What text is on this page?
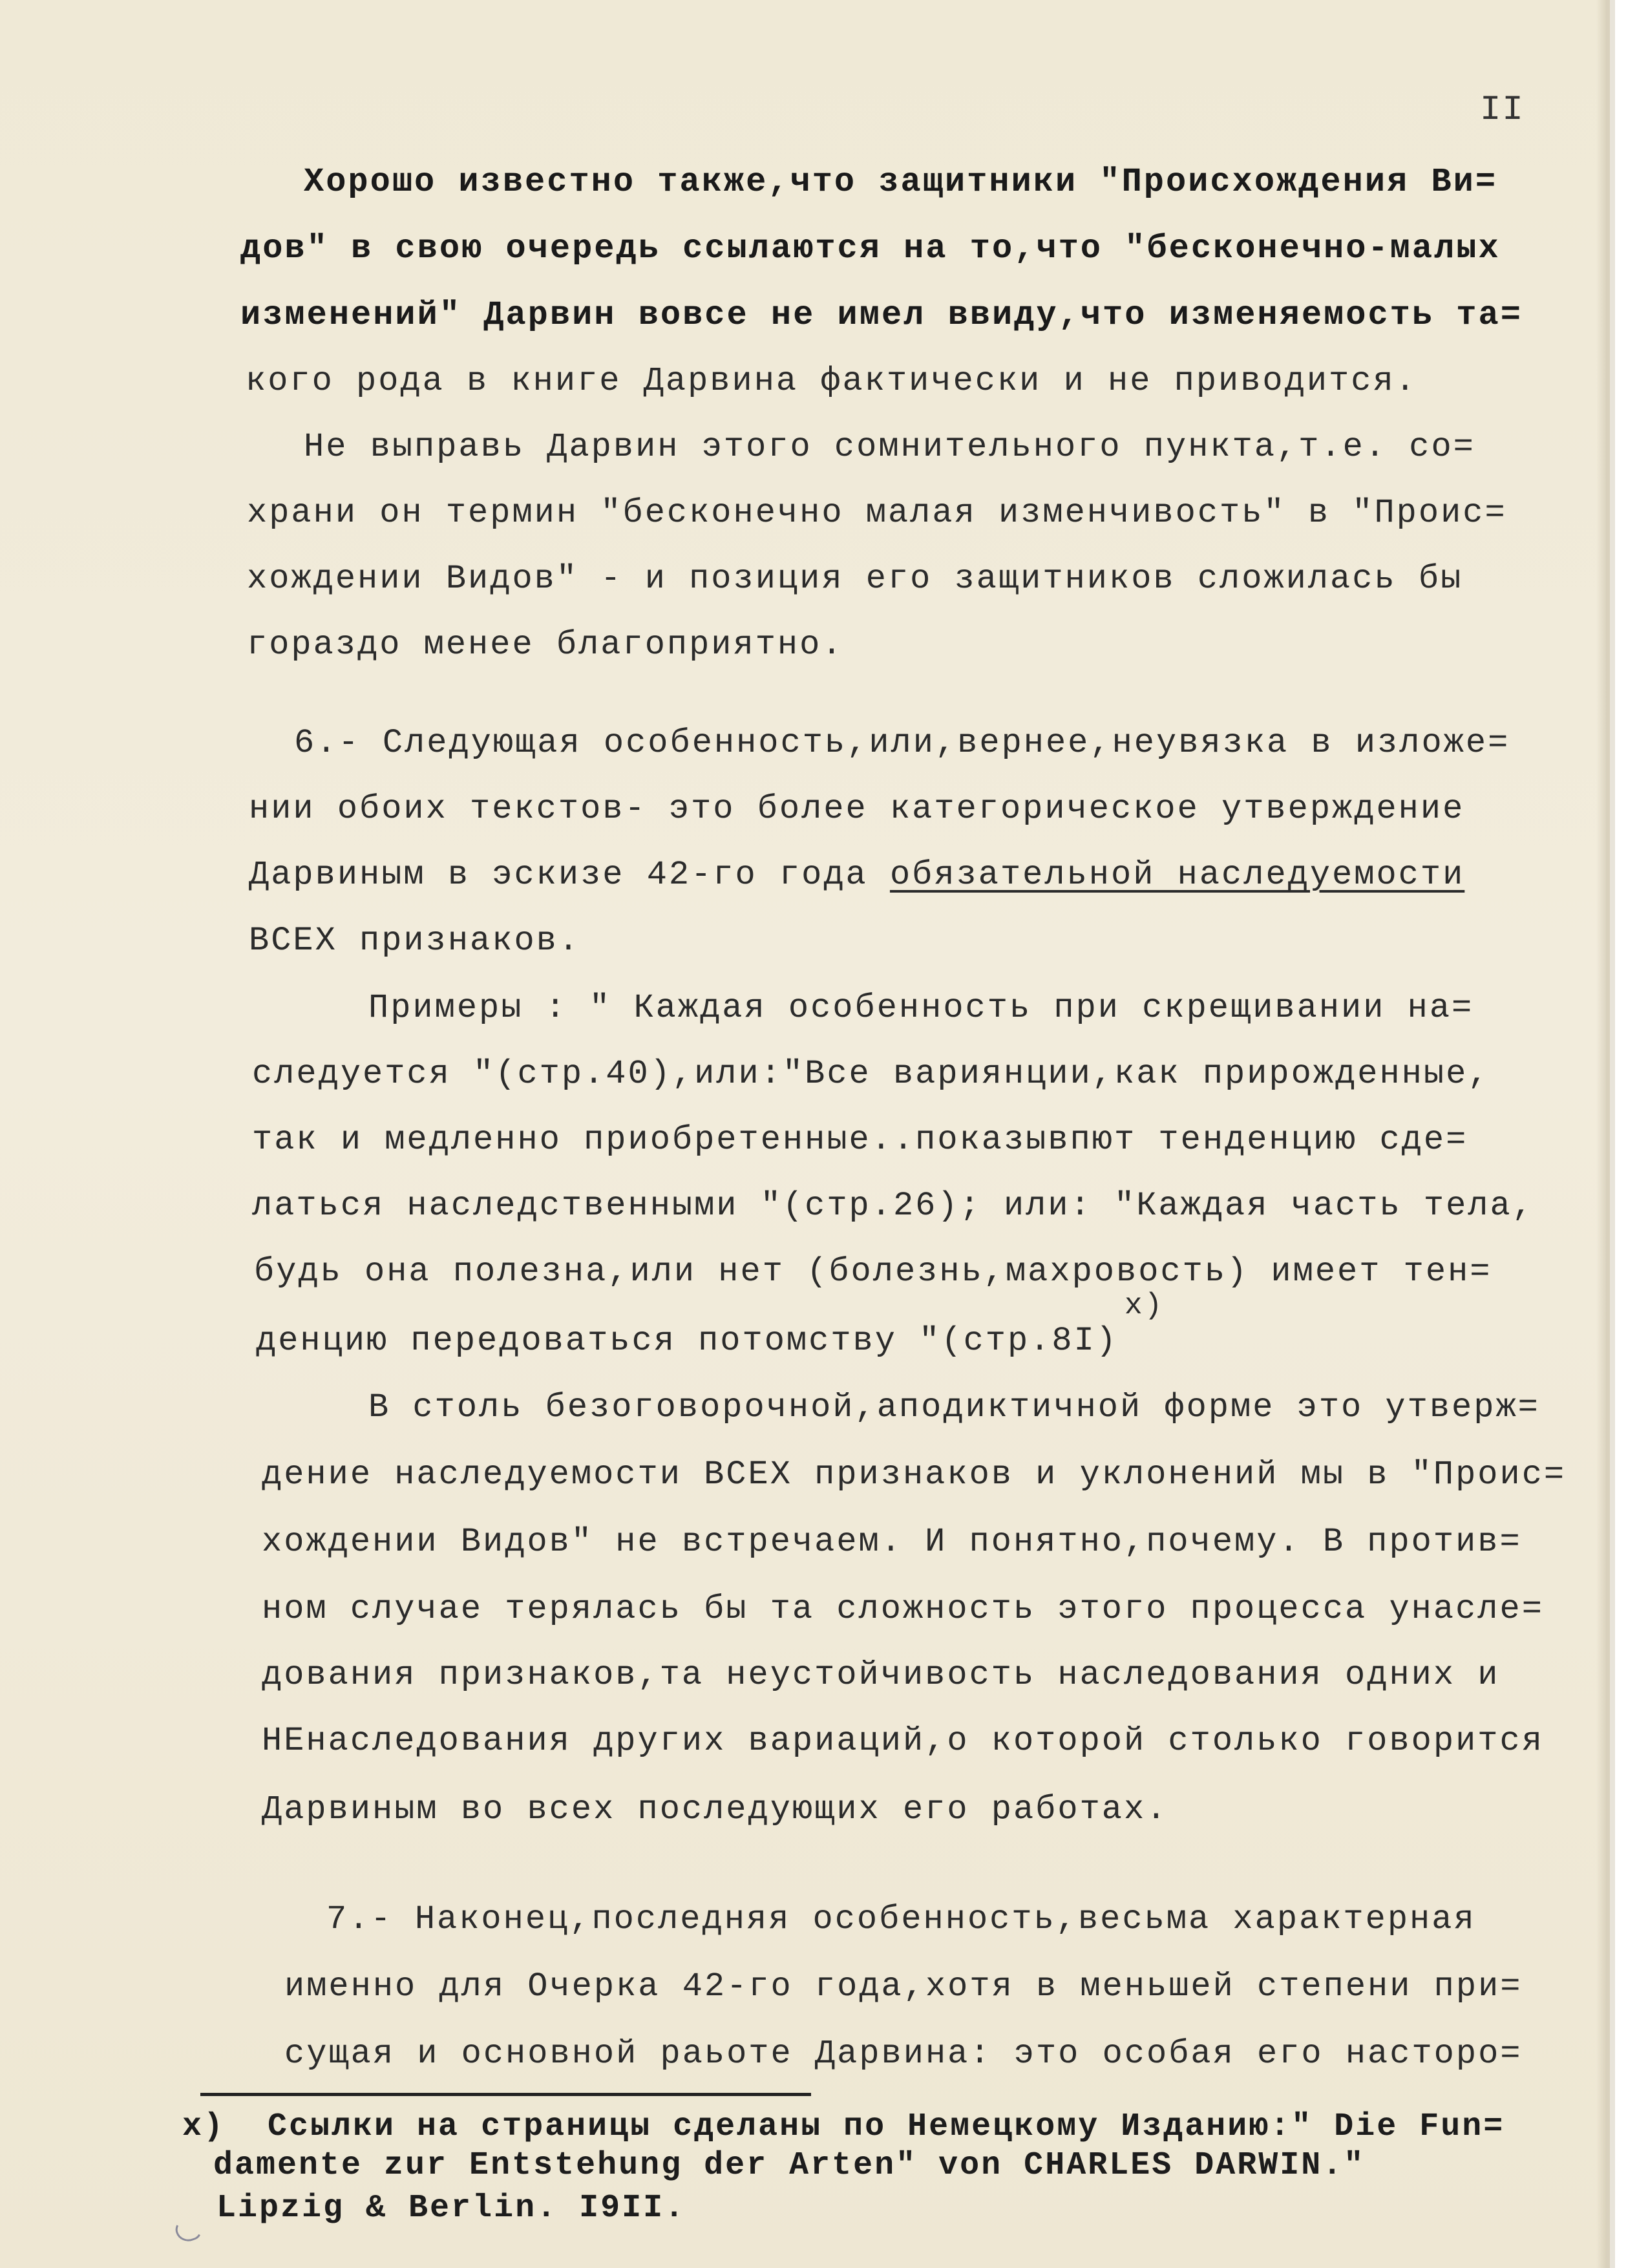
II
Хорошо известно также,что защитники "Происхождения Ви=
дов" в свою очередь ссылаются на то,что "бесконечно-малых
изменений" Дарвин вовсе не имел ввиду,что изменяемость та=
кого рода в книге Дарвина фактически и не приводится.
Не выправь Дарвин этого сомнительного пункта,т.е. со=
храни он термин "бесконечно малая изменчивость" в "Проис=
хождении Видов" - и позиция его защитников сложилась бы
гораздо менее благоприятно.
6.- Следующая особенность,или,вернее,неувязка в изложе=
нии обоих текстов- это более категорическое утверждение
Дарвиным в эскизе 42-го года обязательной наследуемости
ВСЕХ признаков.
Примеры : " Каждая особенность при скрещивании на=
следуется "(стр.40),или:"Все вариянции,как прирожденные,
так и медленно приобретенные..показывпют тенденцию сде=
латься наследственными "(стр.26); или: "Каждая часть тела,
будь она полезна,или нет (болезнь,махровость) имеет тен=
x)
денцию передоваться потомству "(стр.8I)
В столь безоговорочной,аподиктичной форме это утверж=
дение наследуемости ВСЕХ признаков и уклонений мы в "Проис=
хождении Видов" не встречаем. И понятно,почему. В против=
ном случае терялась бы та сложность этого процесса унасле=
дования признаков,та неустойчивость наследования одних и
НЕнаследования других вариаций,о которой столько говорится
Дарвиным во всех последующих его работах.
7.- Наконец,последняя особенность,весьма характерная
именно для Очерка 42-го года,хотя в меньшей степени при=
сущая и основной раьоте Дарвина: это особая его насторо=
x)  Ссылки на страницы сделаны по Немецкому Изданию:" Die Fun=
damente zur Entstehung der Arten" von CHARLES DARWIN."
Lipzig & Berlin. I9II.
